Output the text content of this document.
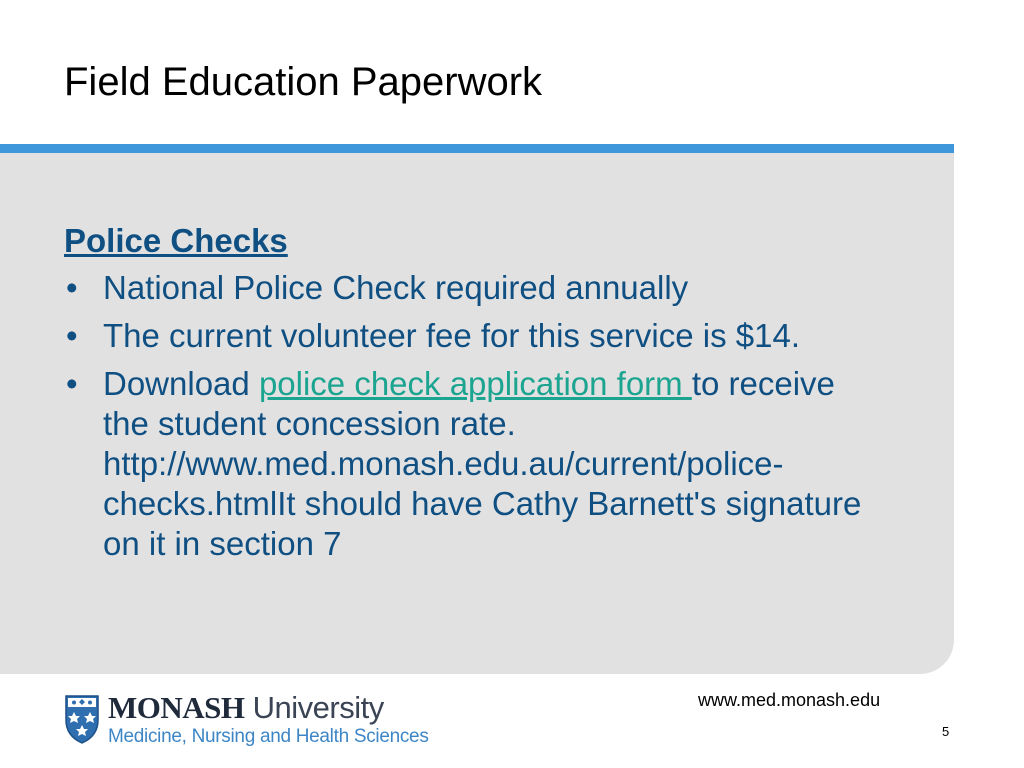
Field Education Paperwork
Police Checks
• National Police Check required annually
• The current volunteer fee for this service is $14.
• Download police check application form to receive the student concession rate. http://www.med.monash.edu.au/current/police-checks.htmlIt should have Cathy Barnett's signature on it in section 7
www.med.monash.edu
5
MONASH University
Medicine, Nursing and Health Sciences
